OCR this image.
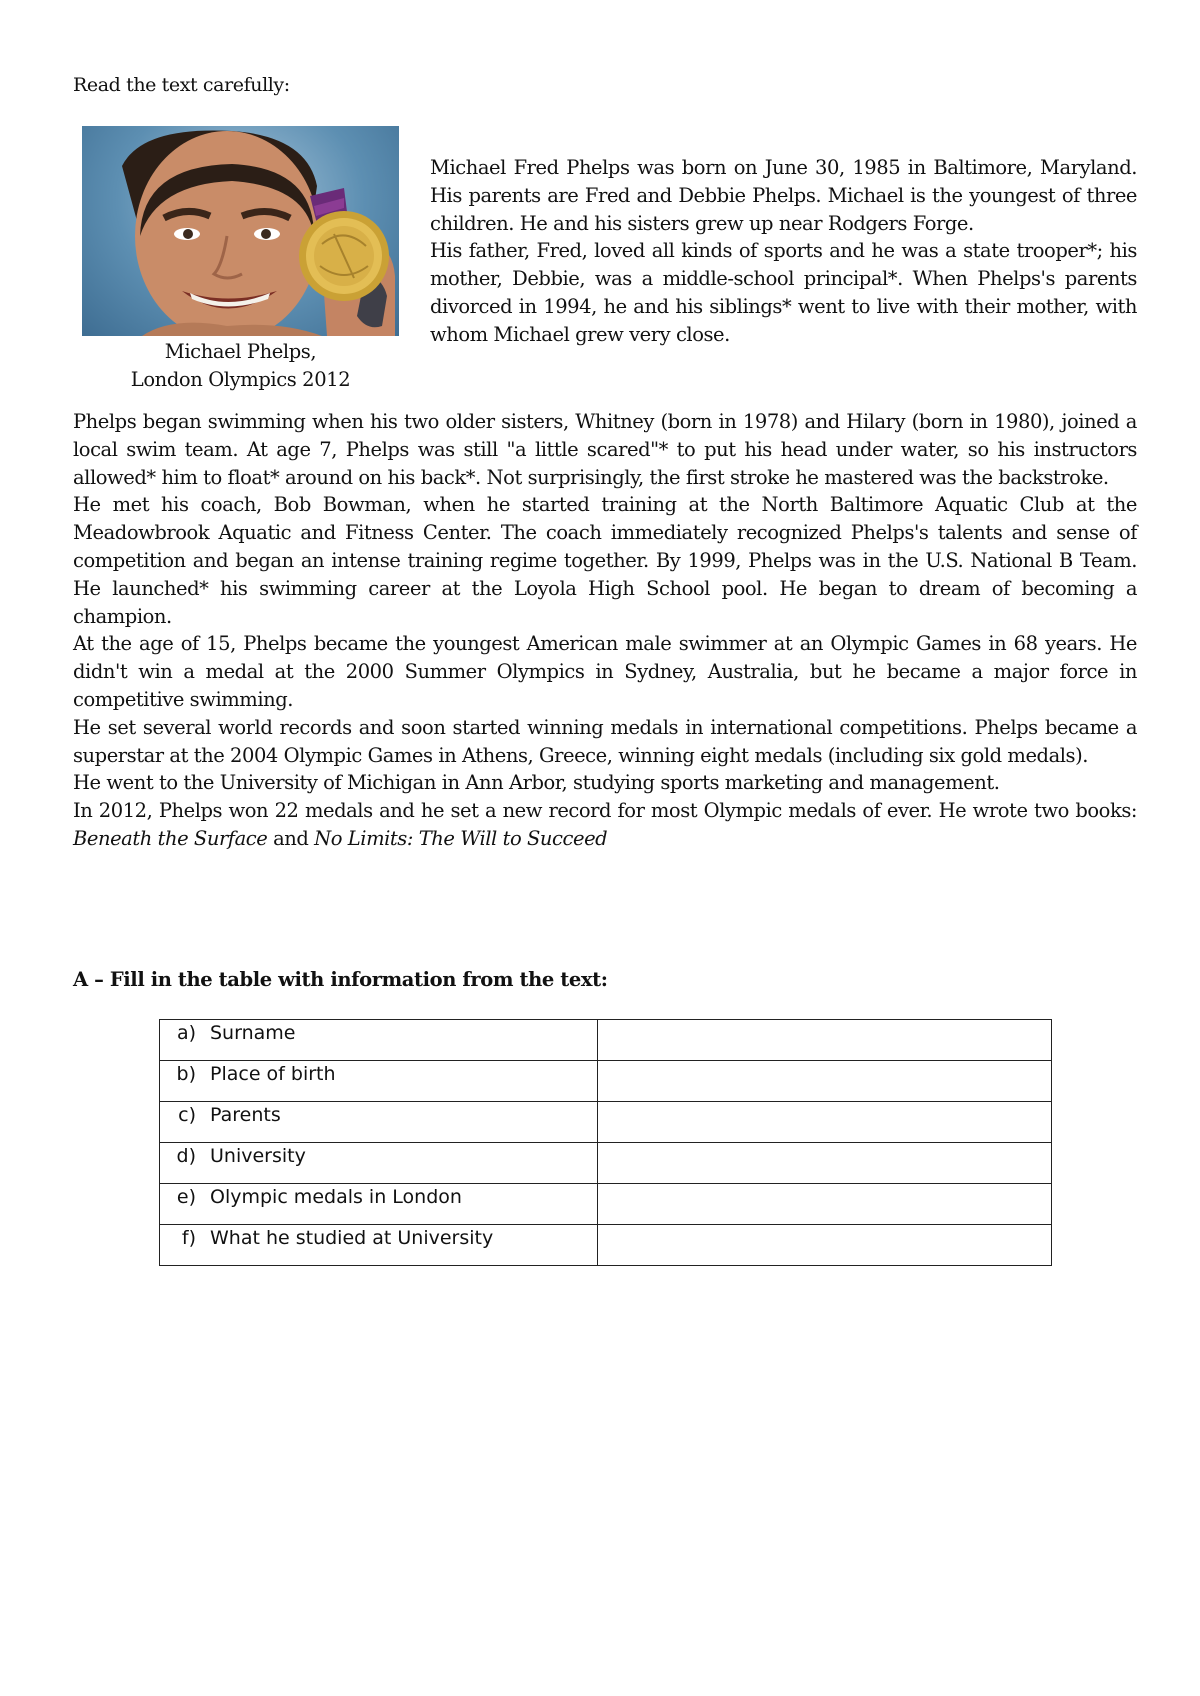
Read the text carefully:
Michael Phelps,
London Olympics 2012

Michael Fred Phelps was born on June 30, 1985 in Baltimore, Maryland. His parents are Fred and Debbie Phelps. Michael is the youngest of three children. He and his sisters grew up near Rodgers Forge.

His father, Fred, loved all kinds of sports and he was a state trooper*; his mother, Debbie, was a middle-school principal*. When Phelps's parents divorced in 1994, he and his siblings* went to live with their mother, with whom Michael grew very close.

Phelps began swimming when his two older sisters, Whitney (born in 1978) and Hilary (born in 1980), joined a local swim team. At age 7, Phelps was still "a little scared"* to put his head under water, so his instructors allowed* him to float* around on his back*. Not surprisingly, the first stroke he mastered was the backstroke.

He met his coach, Bob Bowman, when he started training at the North Baltimore Aquatic Club at the Meadowbrook Aquatic and Fitness Center. The coach immediately recognized Phelps's talents and sense of competition and began an intense training regime together. By 1999, Phelps was in the U.S. National B Team. He launched* his swimming career at the Loyola High School pool. He began to dream of becoming a champion.

At the age of 15, Phelps became the youngest American male swimmer at an Olympic Games in 68 years. He didn't win a medal at the 2000 Summer Olympics in Sydney, Australia, but he became a major force in competitive swimming.

He set several world records and soon started winning medals in international competitions. Phelps became a superstar at the 2004 Olympic Games in Athens, Greece, winning eight medals (including six gold medals).

He went to the University of Michigan in Ann Arbor, studying sports marketing and management.

In 2012, Phelps won 22 medals and he set a new record for most Olympic medals of ever. He wrote two books: Beneath the Surface and No Limits: The Will to Succeed

A – Fill in the table with information from the text:
a) Surname	

b) Place of birth	

c) Parents	

d) University	

e) Olympic medals in London	

f) What he studied at University	
